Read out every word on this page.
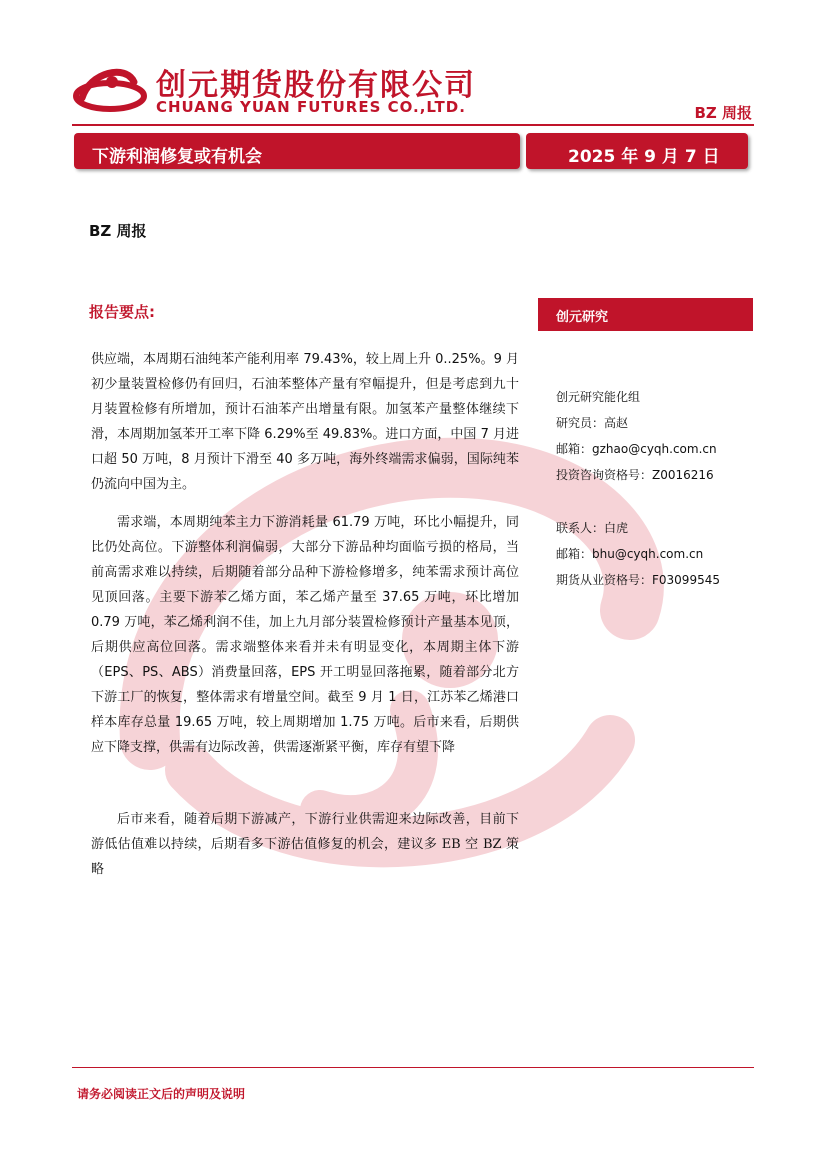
创元期货股份有限公司
CHUANG YUAN FUTURES CO.,LTD.	BZ 周报
下游利润修复或有机会	2025 年 9 月 7 日
BZ 周报
报告要点:
供应端，本周期石油纯苯产能利用率 79.43%，较上周上升 0..25%。9 月初少量装置检修仍有回归，石油苯整体产量有窄幅提升，但是考虑到九十月装置检修有所增加，预计石油苯产出增量有限。加氢苯产量整体继续下滑，本周期加氢苯开工率下降 6.29%至 49.83%。进口方面，中国 7 月进口超 50 万吨，8 月预计下滑至 40 多万吨，海外终端需求偏弱，国际纯苯仍流向中国为主。
需求端，本周期纯苯主力下游消耗量 61.79 万吨，环比小幅提升，同比仍处高位。下游整体利润偏弱，大部分下游品种均面临亏损的格局，当前高需求难以持续，后期随着部分品种下游检修增多，纯苯需求预计高位见顶回落。主要下游苯乙烯方面，苯乙烯产量至 37.65 万吨，环比增加 0.79 万吨，苯乙烯利润不佳，加上九月部分装置检修预计产量基本见顶，后期供应高位回落。需求端整体来看并未有明显变化，本周期主体下游（EPS、PS、ABS）消费量回落，EPS 开工明显回落拖累，随着部分北方下游工厂的恢复，整体需求有增量空间。截至 9 月 1 日，江苏苯乙烯港口样本库存总量 19.65 万吨，较上周期增加 1.75 万吨。后市来看，后期供应下降支撑，供需有边际改善，供需逐渐紧平衡，库存有望下降
后市来看，随着后期下游减产，下游行业供需迎来边际改善，目前下游低估值难以持续，后期看多下游估值修复的机会，建议多 EB 空 BZ 策略
创元研究
创元研究能化组
研究员：高赵
邮箱：gzhao@cyqh.com.cn
投资咨询资格号：Z0016216
联系人：白虎
邮箱：bhu@cyqh.com.cn
期货从业资格号：F03099545
请务必阅读正文后的声明及说明
